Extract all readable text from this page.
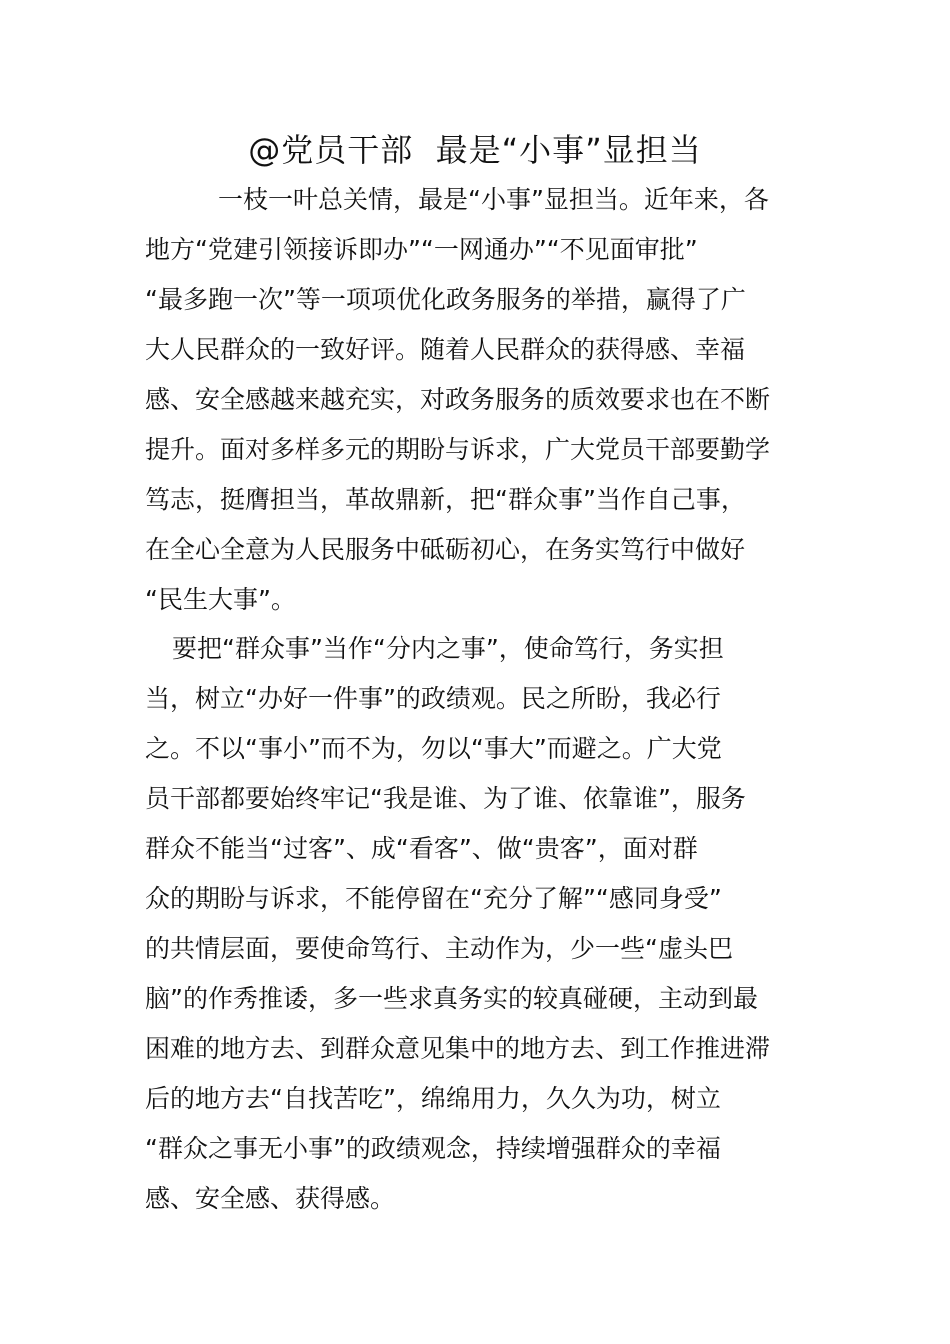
@党员干部  最是“小事”显担当
一枝一叶总关情，最是“小事”显担当。近年来，各
地方“党建引领接诉即办”“一网通办”“不见面审批”
“最多跑一次”等一项项优化政务服务的举措，赢得了广
大人民群众的一致好评。随着人民群众的获得感、幸福
感、安全感越来越充实，对政务服务的质效要求也在不断
提升。面对多样多元的期盼与诉求，广大党员干部要勤学
笃志，挺膺担当，革故鼎新，把“群众事”当作自己事，
在全心全意为人民服务中砥砺初心，在务实笃行中做好
“民生大事”。
要把“群众事”当作“分内之事”，使命笃行，务实担
当，树立“办好一件事”的政绩观。民之所盼，我必行
之。不以“事小”而不为，勿以“事大”而避之。广大党
员干部都要始终牢记“我是谁、为了谁、依靠谁”，服务
群众不能当“过客”、成“看客”、做“贵客”，面对群
众的期盼与诉求，不能停留在“充分了解”“感同身受”
的共情层面，要使命笃行、主动作为，少一些“虚头巴
脑”的作秀推诿，多一些求真务实的较真碰硬，主动到最
困难的地方去、到群众意见集中的地方去、到工作推进滞
后的地方去“自找苦吃”，绵绵用力，久久为功，树立
“群众之事无小事”的政绩观念，持续增强群众的幸福
感、安全感、获得感。
